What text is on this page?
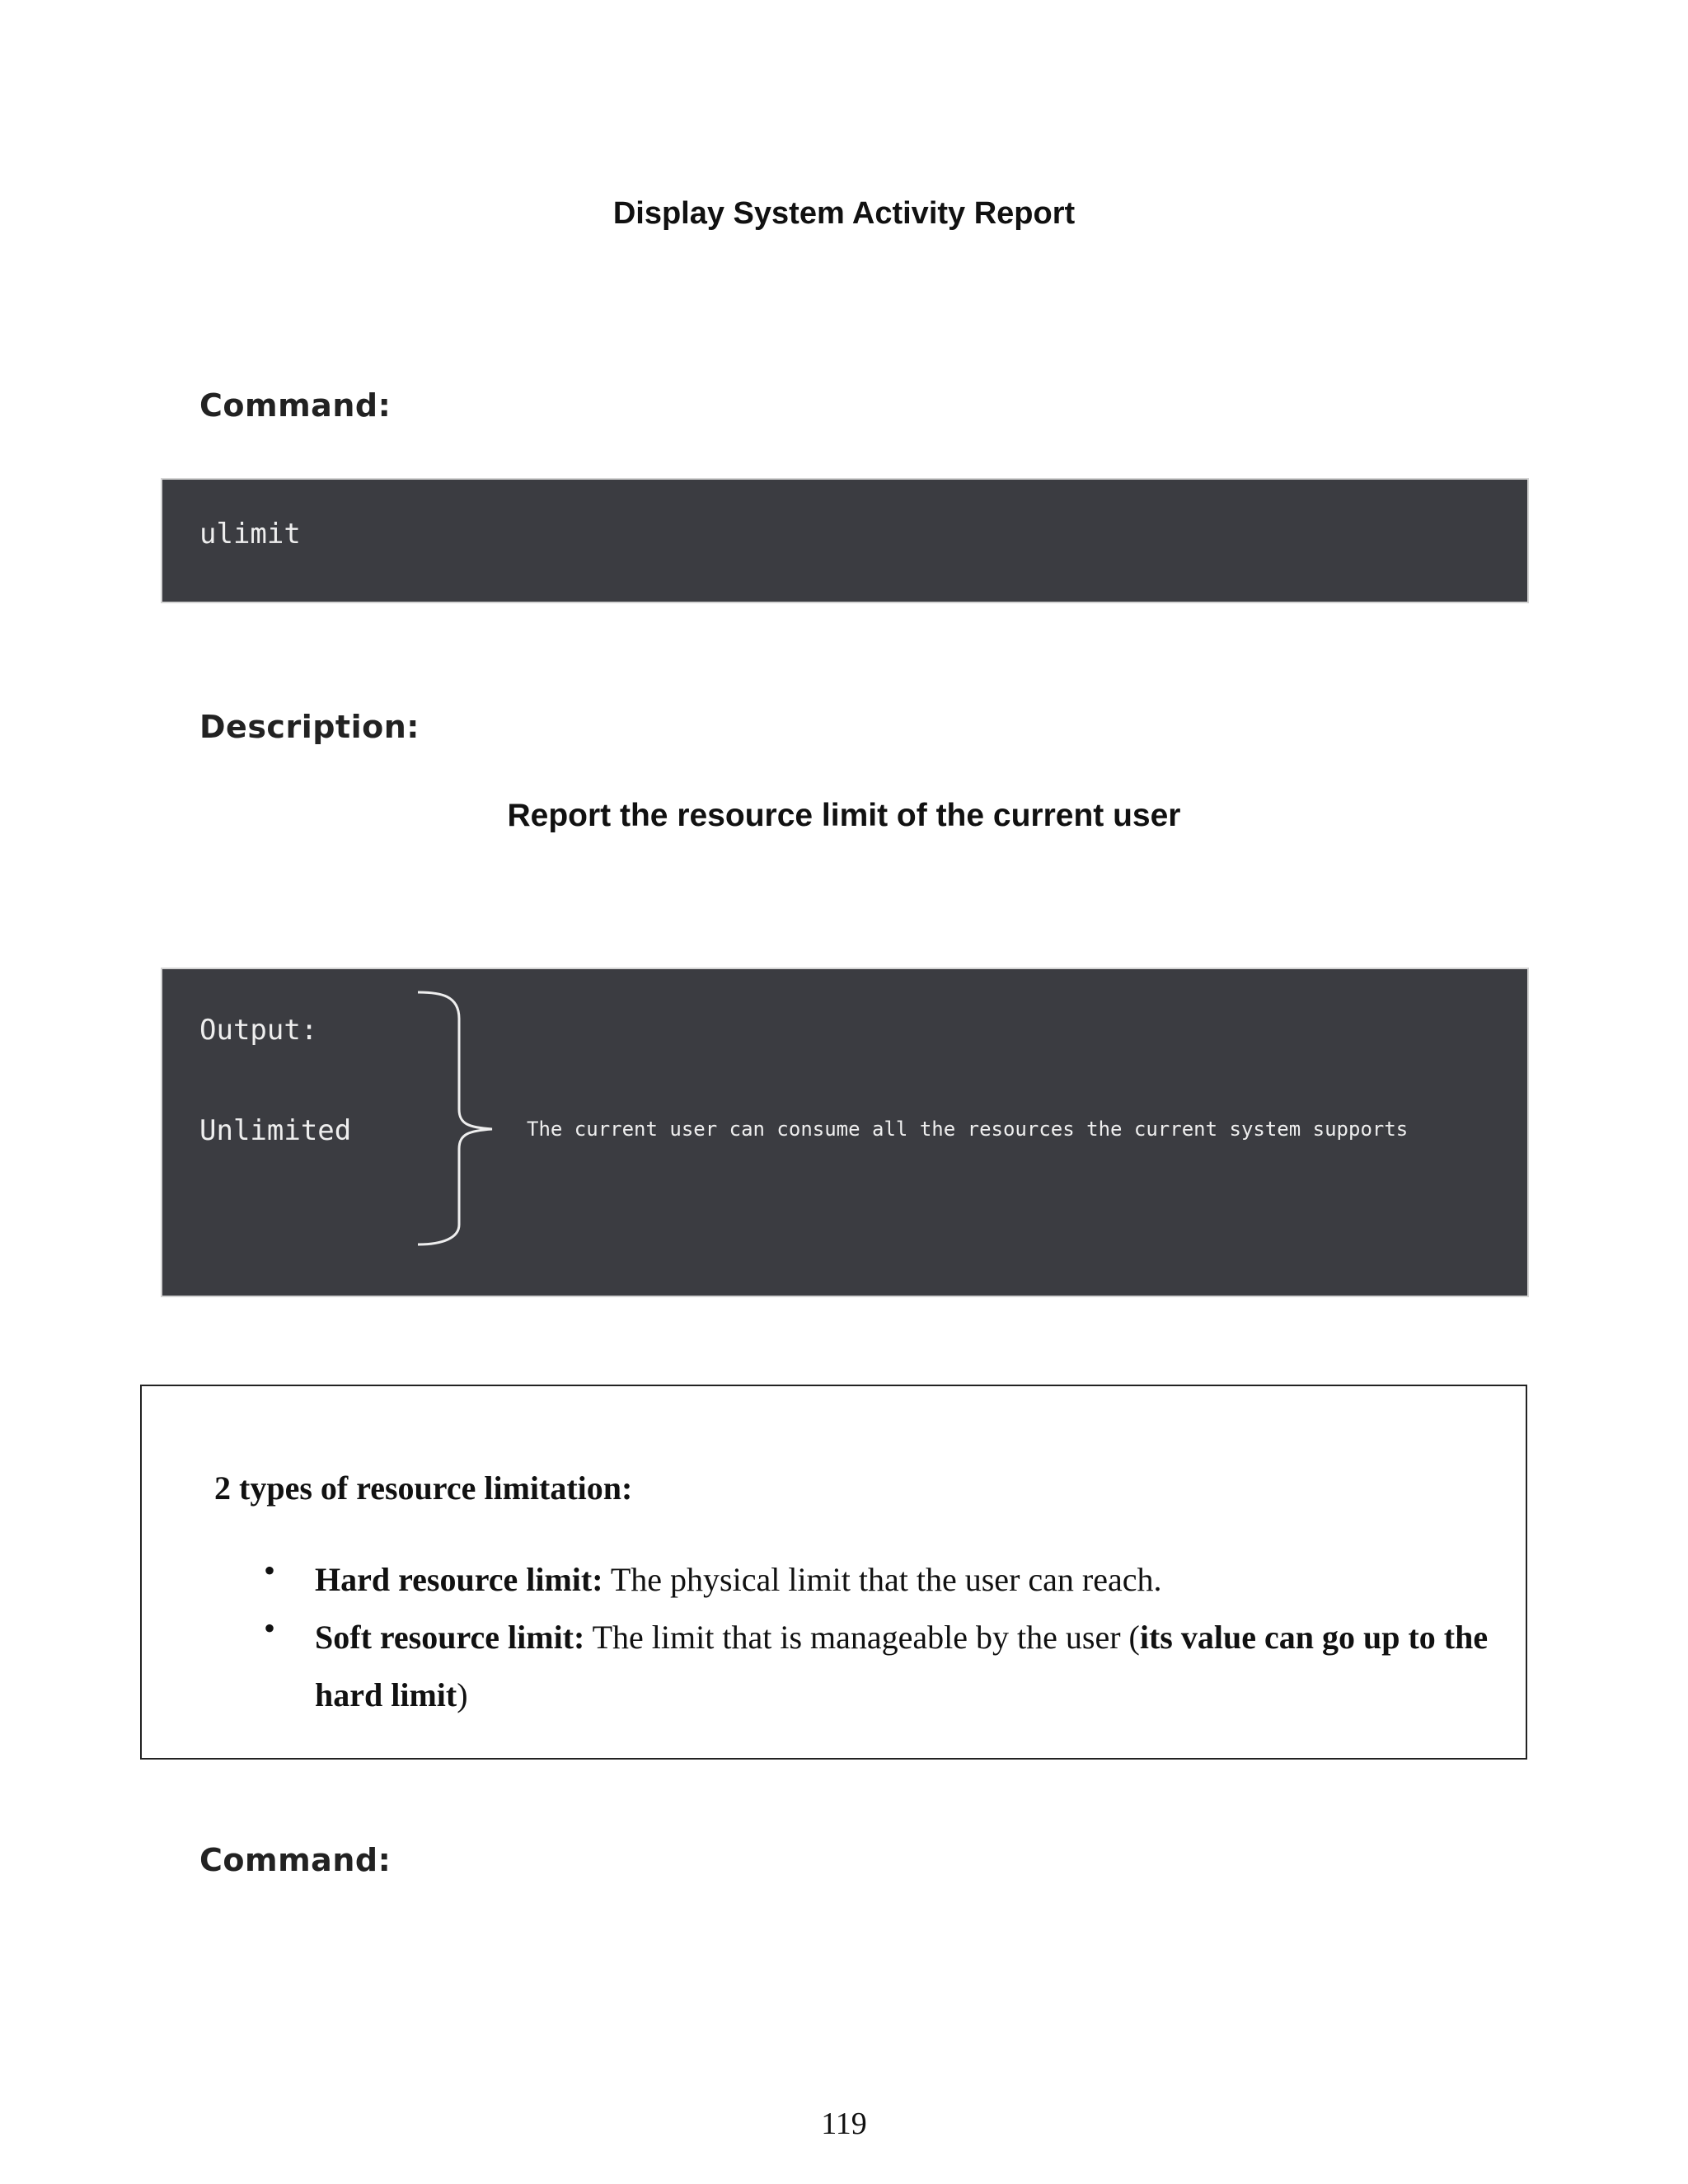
Display System Activity Report
Command:
ulimit
Description:
Report the resource limit of the current user
Output:
Unlimited	The current user can consume all the resources the current system supports
2 types of resource limitation:
• Hard resource limit: The physical limit that the user can reach.
• Soft resource limit: The limit that is manageable by the user (its value can go up to the hard limit)
Command:
119
